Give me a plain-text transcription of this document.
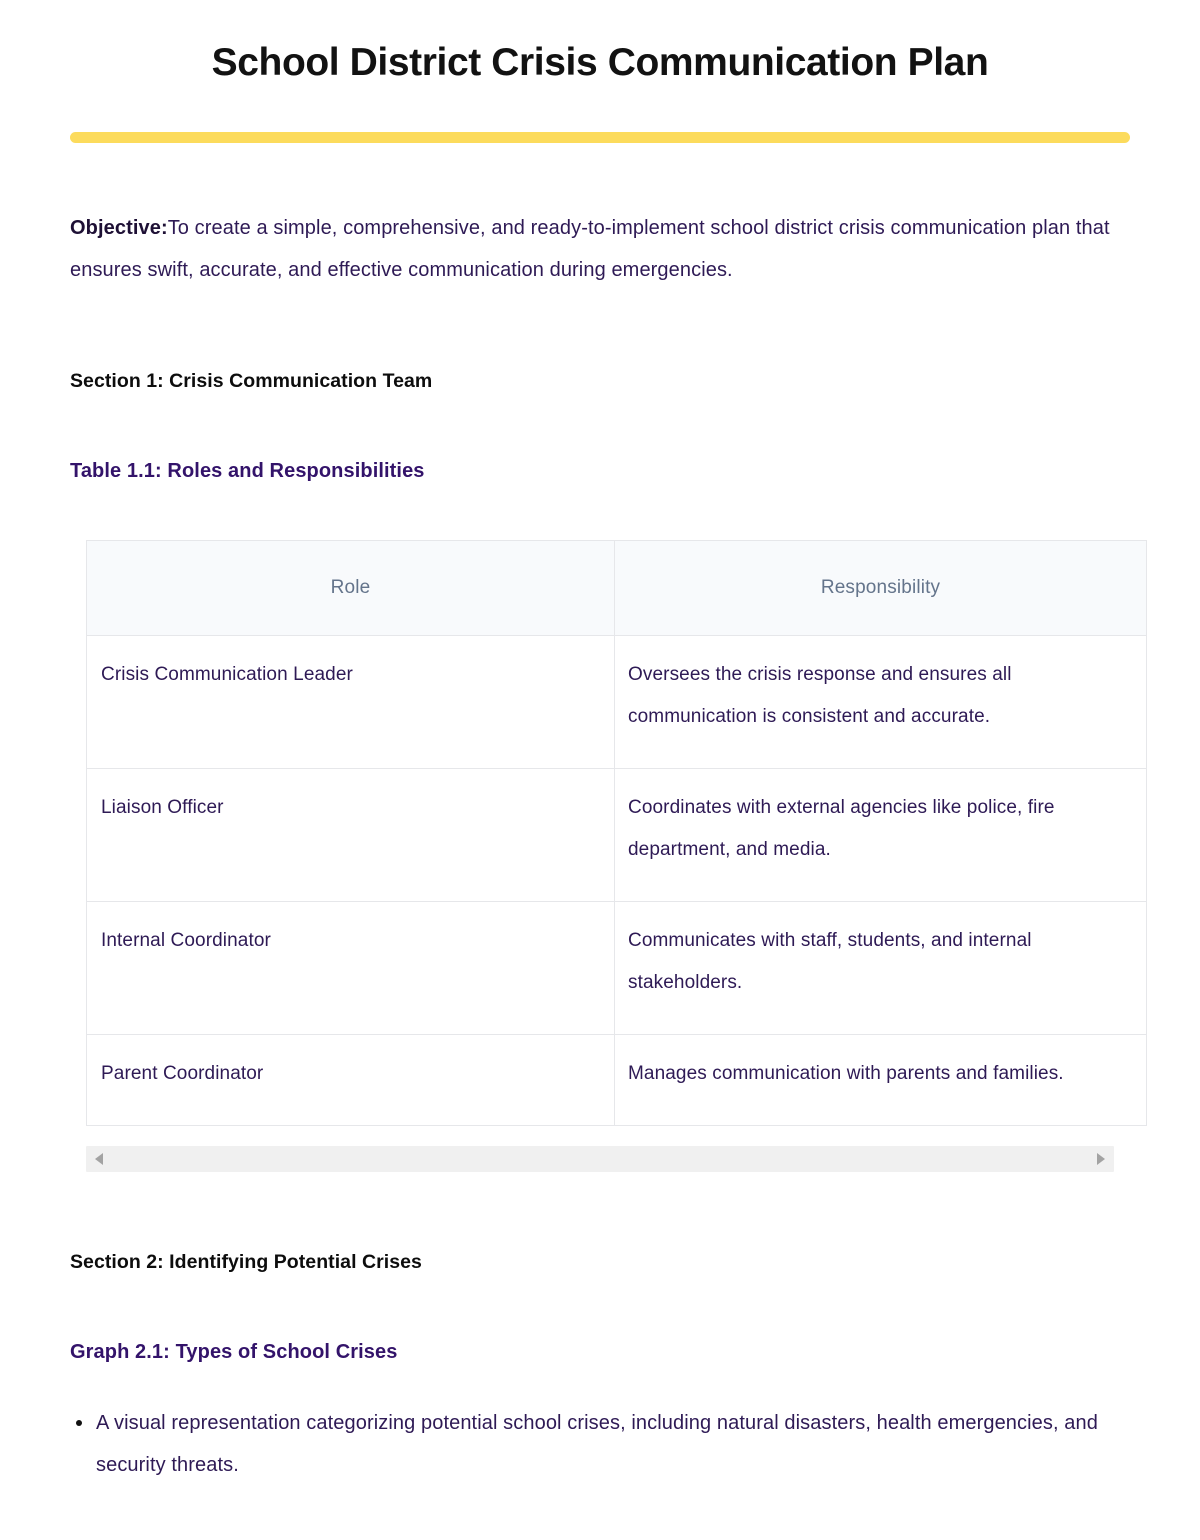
School District Crisis Communication Plan

Objective:To create a simple, comprehensive, and ready-to-implement school district crisis communication plan that ensures swift, accurate, and effective communication during emergencies.

Section 1: Crisis Communication Team
Table 1.1: Roles and Responsibilities
Role	Responsibility
Crisis Communication Leader	Oversees the crisis response and ensures all communication is consistent and accurate.
Liaison Officer	Coordinates with external agencies like police, fire department, and media.
Internal Coordinator	Communicates with staff, students, and internal stakeholders.
Parent Coordinator	Manages communication with parents and families.
Section 2: Identifying Potential Crises
Graph 2.1: Types of School Crises
A visual representation categorizing potential school crises, including natural disasters, health emergencies, and security threats.
